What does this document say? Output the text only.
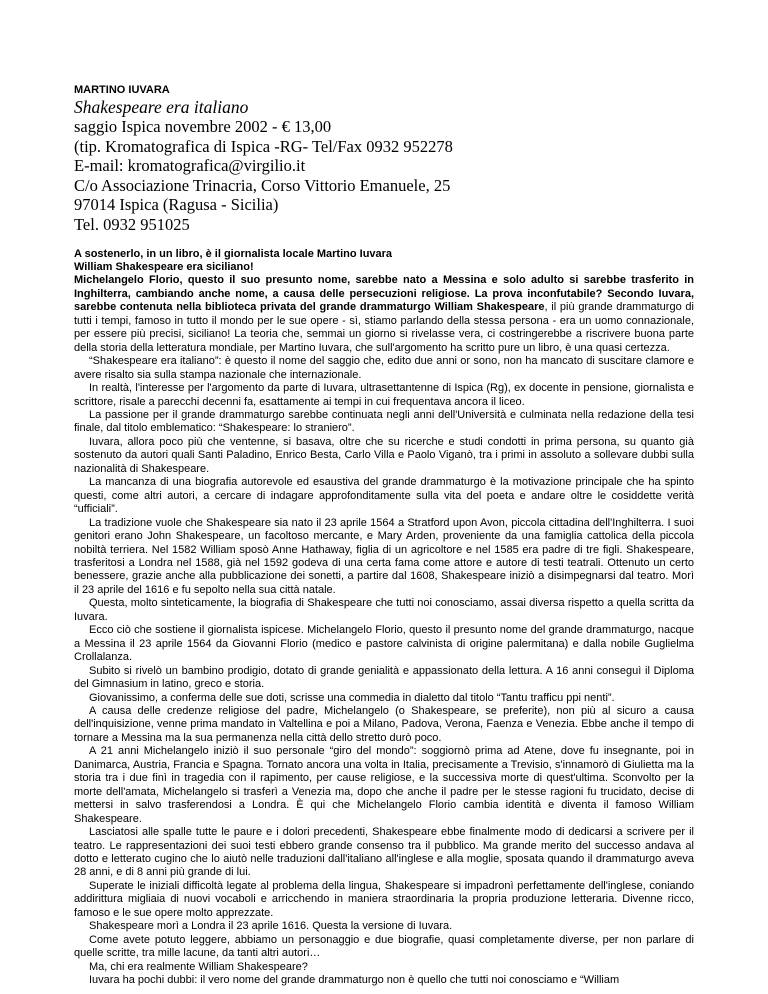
MARTINO IUVARA
Shakespeare era italiano
saggio Ispica novembre 2002 - € 13,00
(tip. Kromatografica di Ispica -RG- Tel/Fax 0932 952278
E-mail: kromatografica@virgilio.it
C/o Associazione Trinacria, Corso Vittorio Emanuele, 25
97014 Ispica (Ragusa - Sicilia)
Tel. 0932 951025

A sostenerlo, in un libro, è il giornalista locale Martino Iuvara

William Shakespeare era siciliano!

Michelangelo Florio, questo il suo presunto nome, sarebbe nato a Messina e solo adulto si sarebbe trasferito in Inghilterra, cambiando anche nome, a causa delle persecuzioni religiose. La prova inconfutabile? Secondo Iuvara, sarebbe contenuta nella biblioteca privata del grande drammaturgo William Shakespeare, il più grande drammaturgo di tutti i tempi, famoso in tutto il mondo per le sue opere - sì, stiamo parlando della stessa persona - era un uomo connazionale, per essere più precisi, siciliano! La teoria che, semmai un giorno si rivelasse vera, ci costringerebbe a riscrivere buona parte della storia della letteratura mondiale, per Martino Iuvara, che sull'argomento ha scritto pure un libro, è una quasi certezza.

“Shakespeare era italiano”: è questo il nome del saggio che, edito due anni or sono, non ha mancato di suscitare clamore e avere risalto sia sulla stampa nazionale che internazionale.

In realtà, l'interesse per l'argomento da parte di Iuvara, ultrasettantenne di Ispica (Rg), ex docente in pensione, giornalista e scrittore, risale a parecchi decenni fa, esattamente ai tempi in cui frequentava ancora il liceo.

La passione per il grande drammaturgo sarebbe continuata negli anni dell'Università e culminata nella redazione della tesi finale, dal titolo emblematico: “Shakespeare: lo straniero”.

Iuvara, allora poco più che ventenne, si basava, oltre che su ricerche e studi condotti in prima persona, su quanto già sostenuto da autori quali Santi Paladino, Enrico Besta, Carlo Villa e Paolo Viganò, tra i primi in assoluto a sollevare dubbi sulla nazionalità di Shakespeare.

La mancanza di una biografia autorevole ed esaustiva del grande drammaturgo è la motivazione principale che ha spinto questi, come altri autori, a cercare di indagare approfonditamente sulla vita del poeta e andare oltre le cosiddette verità “ufficiali”.

La tradizione vuole che Shakespeare sia nato il 23 aprile 1564 a Stratford upon Avon, piccola cittadina dell'Inghilterra. I suoi genitori erano John Shakespeare, un facoltoso mercante, e Mary Arden, proveniente da una famiglia cattolica della piccola nobiltà terriera. Nel 1582 William sposò Anne Hathaway, figlia di un agricoltore e nel 1585 era padre di tre figli. Shakespeare, trasferitosi a Londra nel 1588, già nel 1592 godeva di una certa fama come attore e autore di testi teatrali. Ottenuto un certo benessere, grazie anche alla pubblicazione dei sonetti, a partire dal 1608, Shakespeare iniziò a disimpegnarsi dal teatro. Morì il 23 aprile del 1616 e fu sepolto nella sua città natale.

Questa, molto sinteticamente, la biografia di Shakespeare che tutti noi conosciamo, assai diversa rispetto a quella scritta da Iuvara.

Ecco ciò che sostiene il giornalista ispicese. Michelangelo Florio, questo il presunto nome del grande drammaturgo, nacque a Messina il 23 aprile 1564 da Giovanni Florio (medico e pastore calvinista di origine palermitana) e dalla nobile Guglielma Crollalanza.

Subito si rivelò un bambino prodigio, dotato di grande genialità e appassionato della lettura. A 16 anni conseguì il Diploma del Gimnasium in latino, greco e storia.

Giovanissimo, a conferma delle sue doti, scrisse una commedia in dialetto dal titolo “Tantu trafficu ppi nenti”.

A causa delle credenze religiose del padre, Michelangelo (o Shakespeare, se preferite), non più al sicuro a causa dell'inquisizione, venne prima mandato in Valtellina e poi a Milano, Padova, Verona, Faenza e Venezia. Ebbe anche il tempo di tornare a Messina ma la sua permanenza nella città dello stretto durò poco.

A 21 anni Michelangelo iniziò il suo personale “giro del mondo”: soggiornò prima ad Atene, dove fu insegnante, poi in Danimarca, Austria, Francia e Spagna. Tornato ancora una volta in Italia, precisamente a Trevisio, s'innamorò di Giulietta ma la storia tra i due finì in tragedia con il rapimento, per cause religiose, e la successiva morte di quest'ultima. Sconvolto per la morte dell'amata, Michelangelo si trasferì a Venezia ma, dopo che anche il padre per le stesse ragioni fu trucidato, decise di mettersi in salvo trasferendosi a Londra. È qui che Michelangelo Florio cambia identità e diventa il famoso William Shakespeare.

Lasciatosi alle spalle tutte le paure e i dolori precedenti, Shakespeare ebbe finalmente modo di dedicarsi a scrivere per il teatro. Le rappresentazioni dei suoi testi ebbero grande consenso tra il pubblico. Ma grande merito del successo andava al dotto e letterato cugino che lo aiutò nelle traduzioni dall'italiano all'inglese e alla moglie, sposata quando il drammaturgo aveva 28 anni, e di 8 anni più grande di lui.

Superate le iniziali difficoltà legate al problema della lingua, Shakespeare si impadronì perfettamente dell'inglese, coniando addirittura migliaia di nuovi vocaboli e arricchendo in maniera straordinaria la propria produzione letteraria. Divenne ricco, famoso e le sue opere molto apprezzate.

Shakespeare morì a Londra il 23 aprile 1616. Questa la versione di Iuvara.

Come avete potuto leggere, abbiamo un personaggio e due biografie, quasi completamente diverse, per non parlare di quelle scritte, tra mille lacune, da tanti altri autori…

Ma, chi era realmente William Shakespeare?

Iuvara ha pochi dubbi: il vero nome del grande drammaturgo non è quello che tutti noi conosciamo e “William
